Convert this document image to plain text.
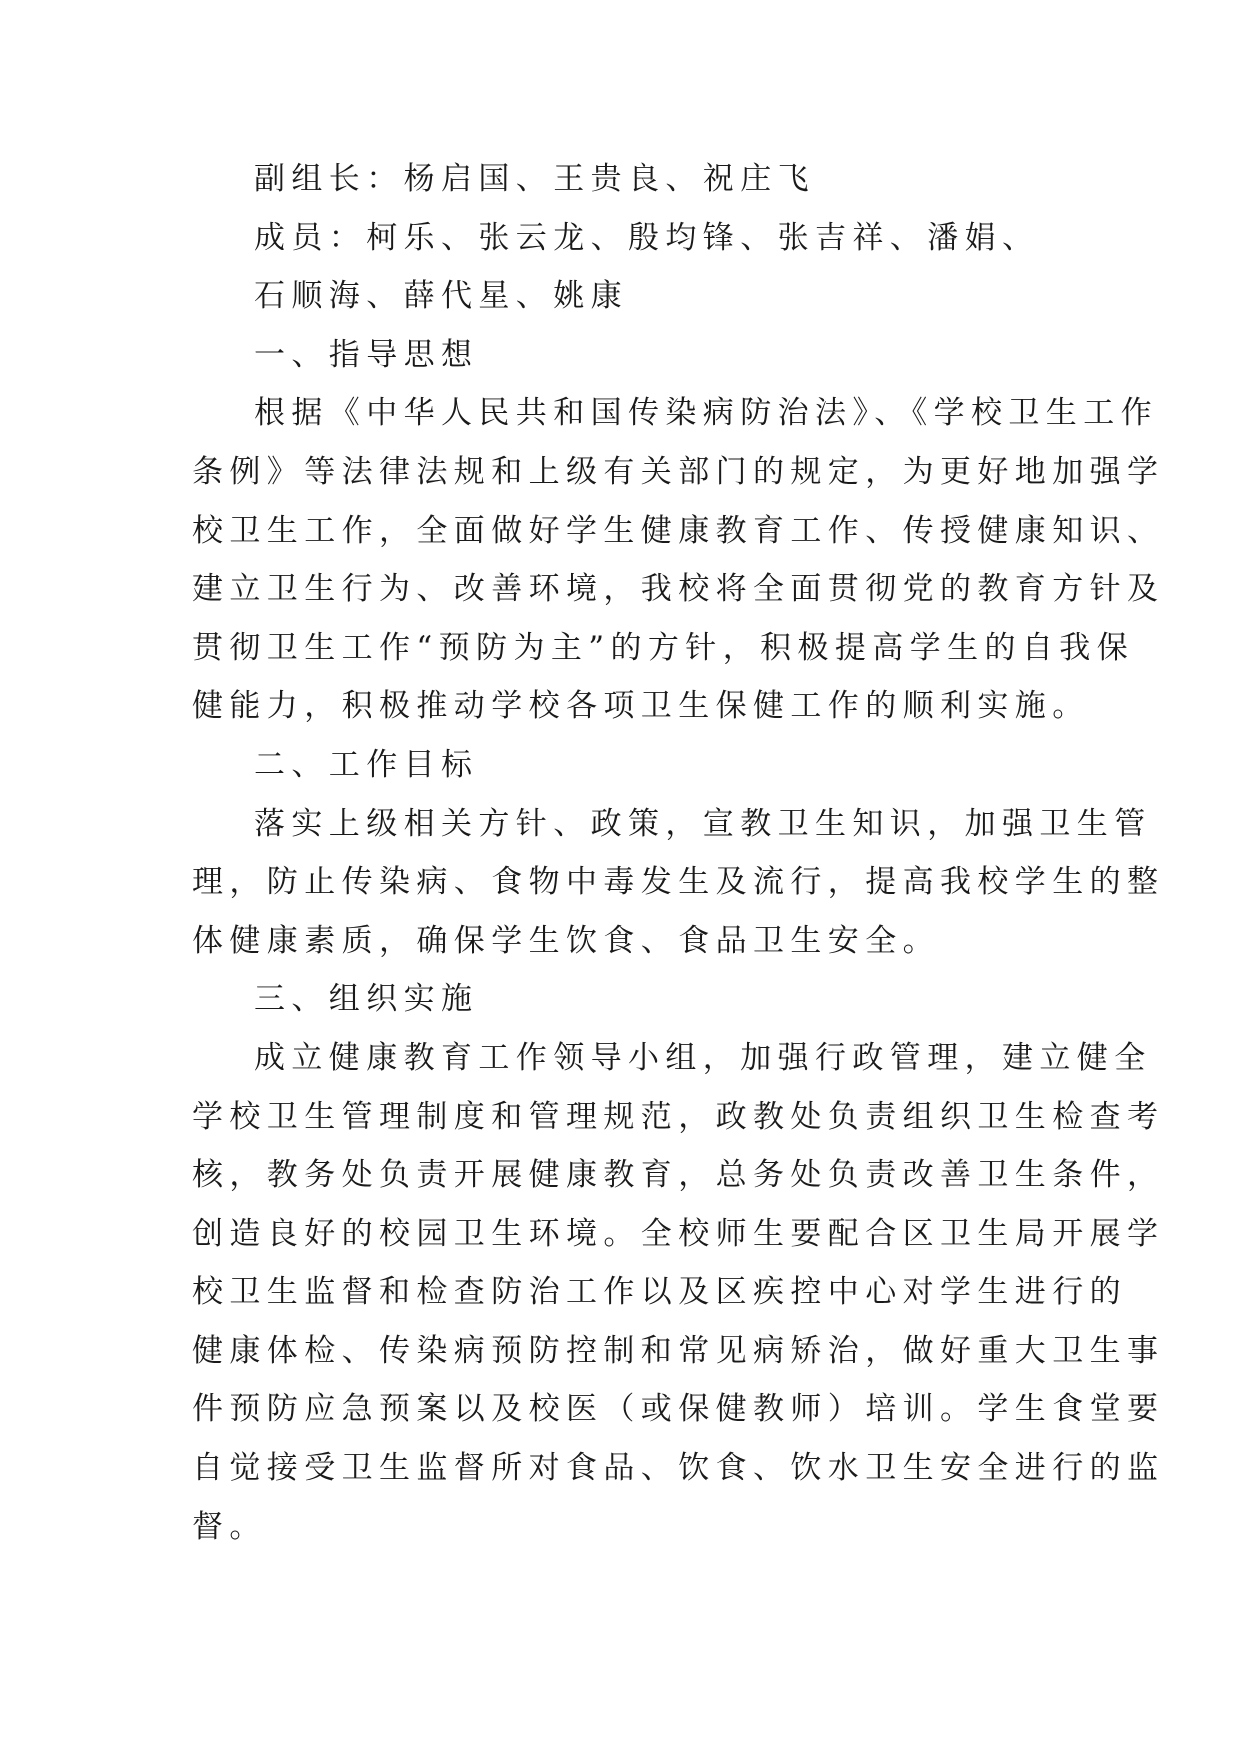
副组长：杨启国、王贵良、祝庄飞
成员：柯乐、张云龙、殷均锋、张吉祥、潘娟、
石顺海、薛代星、姚康
一、指导思想
根据《中华人民共和国传染病防治法》、《学校卫生工作
条例》等法律法规和上级有关部门的规定，为更好地加强学
校卫生工作，全面做好学生健康教育工作、传授健康知识、
建立卫生行为、改善环境，我校将全面贯彻党的教育方针及
贯彻卫生工作“预防为主”的方针，积极提高学生的自我保
健能力，积极推动学校各项卫生保健工作的顺利实施。
二、工作目标
落实上级相关方针、政策，宣教卫生知识，加强卫生管
理，防止传染病、食物中毒发生及流行，提高我校学生的整
体健康素质，确保学生饮食、食品卫生安全。
三、组织实施
成立健康教育工作领导小组，加强行政管理，建立健全
学校卫生管理制度和管理规范，政教处负责组织卫生检查考
核，教务处负责开展健康教育，总务处负责改善卫生条件，
创造良好的校园卫生环境。全校师生要配合区卫生局开展学
校卫生监督和检查防治工作以及区疾控中心对学生进行的
健康体检、传染病预防控制和常见病矫治，做好重大卫生事
件预防应急预案以及校医（或保健教师）培训。学生食堂要
自觉接受卫生监督所对食品、饮食、饮水卫生安全进行的监
督。
